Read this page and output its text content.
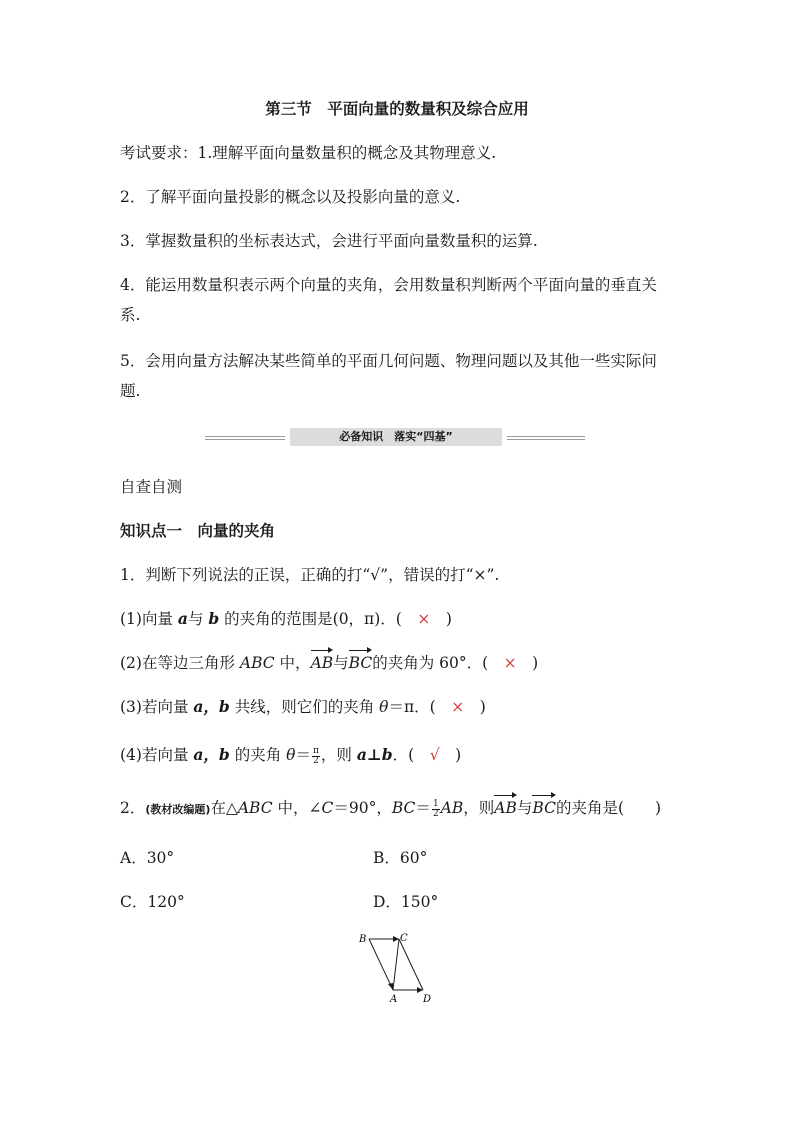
第三节　平面向量的数量积及综合应用
考试要求：1.理解平面向量数量积的概念及其物理意义.
2．了解平面向量投影的概念以及投影向量的意义.
3．掌握数量积的坐标表达式，会进行平面向量数量积的运算.
4．能运用数量积表示两个向量的夹角，会用数量积判断两个平面向量的垂直关
系.
5．会用向量方法解决某些简单的平面几何问题、物理问题以及其他一些实际问
题.
必备知识　落实“四基”
自查自测
知识点一　向量的夹角
1．判断下列说法的正误，正确的打“√”，错误的打“×”.
(1)向量 a与 b 的夹角的范围是(0，π)．(　×　)
(2)在等边三角形 ABC 中，AB与BC的夹角为 60°．(　×　)
(3)若向量 a，b 共线，则它们的夹角 θ＝π．(　×　)
(4)若向量 a，b 的夹角 $\theta= \frac{\pi}{2}$ ，则 a⊥b．(　√　)
2．(教材改编题)在△ABC 中，∠C＝90°，$BC= \frac{1}{2}$ AB，则AB与BC的夹角是(　　)
A．30°	B．60°
C．120°	D．150°
B	C
A	D
